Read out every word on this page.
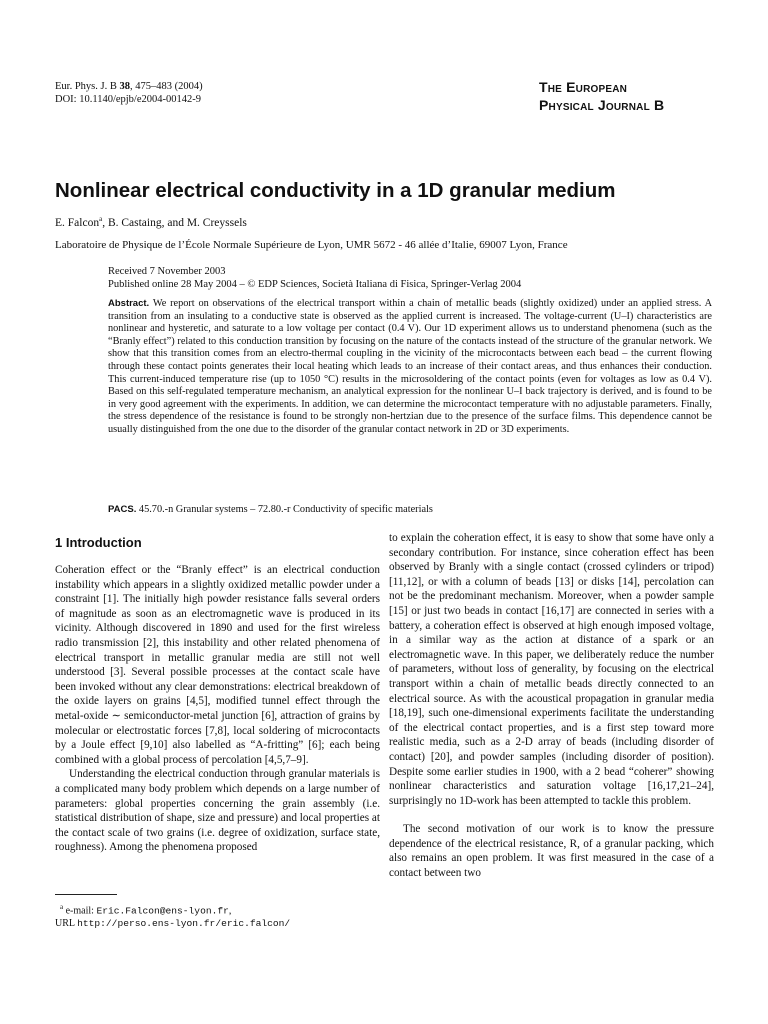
Eur. Phys. J. B 38, 475–483 (2004)
DOI: 10.1140/epjb/e2004-00142-9
The European
Physical Journal B
Nonlinear electrical conductivity in a 1D granular medium
E. Falcon$^a$, B. Castaing, and M. Creyssels
Laboratoire de Physique de l’École Normale Supérieure de Lyon, UMR 5672 - 46 allée d’Italie, 69007 Lyon, France
Received 7 November 2003
Published online 28 May 2004 – © EDP Sciences, Società Italiana di Fisica, Springer-Verlag 2004
Abstract. We report on observations of the electrical transport within a chain of metallic beads (slightly oxidized) under an applied stress. A transition from an insulating to a conductive state is observed as the applied current is increased. The voltage-current (U–I) characteristics are nonlinear and hysteretic, and saturate to a low voltage per contact (0.4 V). Our 1D experiment allows us to understand phenomena (such as the “Branly effect”) related to this conduction transition by focusing on the nature of the contacts instead of the structure of the granular network. We show that this transition comes from an electro-thermal coupling in the vicinity of the microcontacts between each bead – the current flowing through these contact points generates their local heating which leads to an increase of their contact areas, and thus enhances their conduction. This current-induced temperature rise (up to 1050 °C) results in the microsoldering of the contact points (even for voltages as low as 0.4 V). Based on this self-regulated temperature mechanism, an analytical expression for the nonlinear U–I back trajectory is derived, and is found to be in very good agreement with the experiments. In addition, we can determine the microcontact temperature with no adjustable parameters. Finally, the stress dependence of the resistance is found to be strongly non-hertzian due to the presence of the surface films. This dependence cannot be usually distinguished from the one due to the disorder of the granular contact network in 2D or 3D experiments.
PACS. 45.70.-n Granular systems – 72.80.-r Conductivity of specific materials
1 Introduction

Coheration effect or the “Branly effect” is an electrical conduction instability which appears in a slightly oxidized metallic powder under a constraint [1]. The initially high powder resistance falls several orders of magnitude as soon as an electromagnetic wave is produced in its vicinity. Although discovered in 1890 and used for the first wireless radio transmission [2], this instability and other related phenomena of electrical transport in metallic granular media are still not well understood [3]. Several possible processes at the contact scale have been invoked without any clear demonstrations: electrical breakdown of the oxide layers on grains [4,5], modified tunnel effect through the metal-oxide ∼ semiconductor-metal junction [6], attraction of grains by molecular or electrostatic forces [7,8], local soldering of microcontacts by a Joule effect [9,10] also labelled as “A-fritting” [6]; each being combined with a global process of percolation [4,5,7–9].

Understanding the electrical conduction through granular materials is a complicated many body problem which depends on a large number of parameters: global properties concerning the grain assembly (i.e. statistical distribution of shape, size and pressure) and local properties at the contact scale of two grains (i.e. degree of oxidization, surface state, roughness). Among the phenomena proposed

to explain the coheration effect, it is easy to show that some have only a secondary contribution. For instance, since coheration effect has been observed by Branly with a single contact (crossed cylinders or tripod) [11,12], or with a column of beads [13] or disks [14], percolation can not be the predominant mechanism. Moreover, when a powder sample [15] or just two beads in contact [16,17] are connected in series with a battery, a coheration effect is observed at high enough imposed voltage, in a similar way as the action at distance of a spark or an electromagnetic wave. In this paper, we deliberately reduce the number of parameters, without loss of generality, by focusing on the electrical transport within a chain of metallic beads directly connected to an electrical source. As with the acoustical propagation in granular media [18,19], such one-dimensional experiments facilitate the understanding of the electrical contact properties, and is a first step toward more realistic media, such as a 2-D array of beads (including disorder of contact) [20], and powder samples (including disorder of position). Despite some earlier studies in 1900, with a 2 bead “coherer” showing nonlinear characteristics and saturation voltage [16,17,21–24], surprisingly no 1D-work has been attempted to tackle this problem.

The second motivation of our work is to know the pressure dependence of the electrical resistance, R, of a granular packing, which also remains an open problem. It was first measured in the case of a contact between two

$^a$ e-mail: Eric.Falcon@ens-lyon.fr,
URL http://perso.ens-lyon.fr/eric.falcon/
